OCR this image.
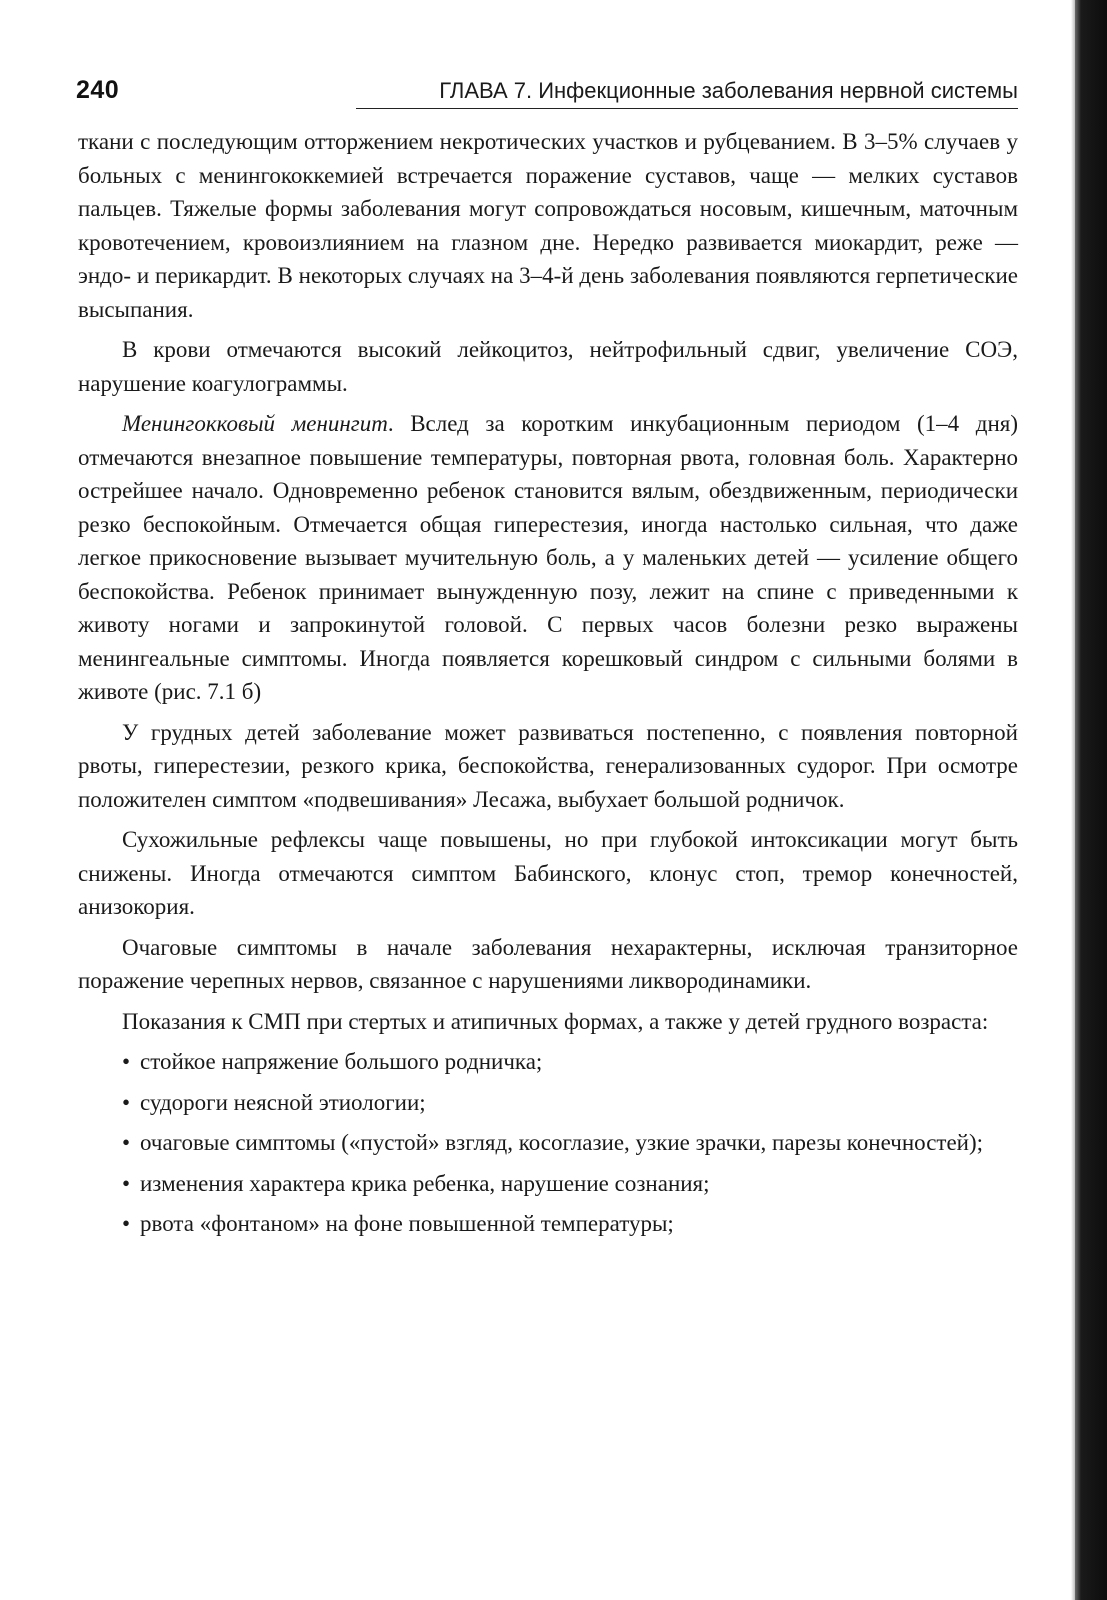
240	ГЛАВА 7. Инфекционные заболевания нервной системы

ткани с последующим отторжением некротических участков и рубцеванием. В 3–5% случаев у больных с менингококкемией встречается поражение суставов, чаще — мелких суставов пальцев. Тяжелые формы заболевания могут сопровождаться носовым, кишечным, маточным кровотечением, кровоизлиянием на глазном дне. Нередко развивается миокардит, реже — эндо- и перикардит. В некоторых случаях на 3–4-й день заболевания появляются герпетические высыпания.

В крови отмечаются высокий лейкоцитоз, нейтрофильный сдвиг, увеличение СОЭ, нарушение коагулограммы.

Менингокковый менингит. Вслед за коротким инкубационным периодом (1–4 дня) отмечаются внезапное повышение температуры, повторная рвота, головная боль. Характерно острейшее начало. Одновременно ребенок становится вялым, обездвиженным, периодически резко беспокойным. Отмечается общая гиперестезия, иногда настолько сильная, что даже легкое прикосновение вызывает мучительную боль, а у маленьких детей — усиление общего беспокойства. Ребенок принимает вынужденную позу, лежит на спине с приведенными к животу ногами и запрокинутой головой. С первых часов болезни резко выражены менингеальные симптомы. Иногда появляется корешковый синдром с сильными болями в животе (рис. 7.1 б)

У грудных детей заболевание может развиваться постепенно, с появления повторной рвоты, гиперестезии, резкого крика, беспокойства, генерализованных судорог. При осмотре положителен симптом «подвешивания» Лесажа, выбухает большой родничок.

Сухожильные рефлексы чаще повышены, но при глубокой интоксикации могут быть снижены. Иногда отмечаются симптом Бабинского, клонус стоп, тремор конечностей, анизокория.

Очаговые симптомы в начале заболевания нехарактерны, исключая транзиторное поражение черепных нервов, связанное с нарушениями ликвородинамики.

Показания к СМП при стертых и атипичных формах, а также у детей грудного возраста:

• стойкое напряжение большого родничка;
• судороги неясной этиологии;
• очаговые симптомы («пустой» взгляд, косоглазие, узкие зрачки, парезы конечностей);
• изменения характера крика ребенка, нарушение сознания;
• рвота «фонтаном» на фоне повышенной температуры;
